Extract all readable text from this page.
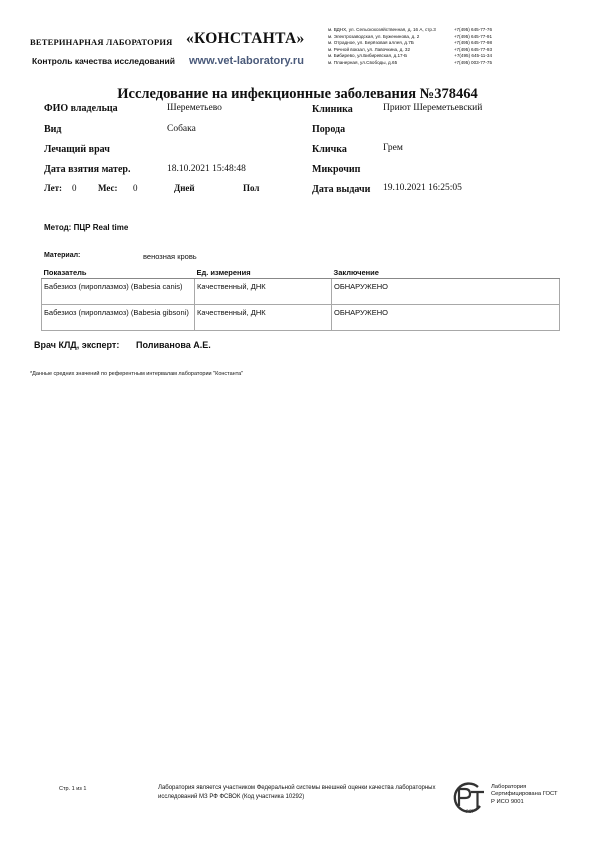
ВЕТЕРИНАРНАЯ ЛАБОРАТОРИЯ «КОНСТАНТА»
Контроль качества исследований www.vet-laboratory.ru
м. ВДНХ, ул. Сельскохозяйственная, д. 16 А, стр.3	+7(495) 645-77-76
м. Электрозаводская, ул. Буженинова, д. 2	+7(495) 645-77-91
м. Отрадное, ул. Берёзовая аллея, д.7Б	+7(495) 645-77-98
м. Речной вокзал, ул. Лавочкина, д. 32	+7(495) 645-77-93
м. Бибирево, ул.Бибиревская, д.17-Б	+7(495) 645-11-34
м. Планерная, ул.Свободы, д.65	+7(495) 003-77-75
Исследование на инфекционные заболевания №378464
ФИО владельца	Шереметьево
Вид	Собака
Лечащий врач
Дата взятия матер.	18.10.2021 15:48:48
Лет: 0 Мес: 0	Дней	Пол
Клиника	Приют Шереметьевский
Порода
Кличка	Грем
Микрочип
Дата выдачи 19.10.2021 16:25:05
Метод: ПЦР Real time
Материал:	венозная кровь
Показатель	Ед. измерения	Заключение
Бабезиоз (пироплазмоз) (Babesia canis)	Качественный, ДНК	ОБНАРУЖЕНО
Бабезиоз (пироплазмоз) (Babesia gibsoni)	Качественный, ДНК	ОБНАРУЖЕНО
Врач КЛД, эксперт: Поливанова А.Е.
*Данные средних значений по референтным интервалам лаборатории "Константа"
Стр. 1 из 1	Лаборатория является участником Федеральной системы внешней оценки качества лабораторных исследований МЗ РФ ФСВОК (Код участника 10292)
РСТ
Лаборатория Сертифицирована ГОСТ Р ИСО 9001
